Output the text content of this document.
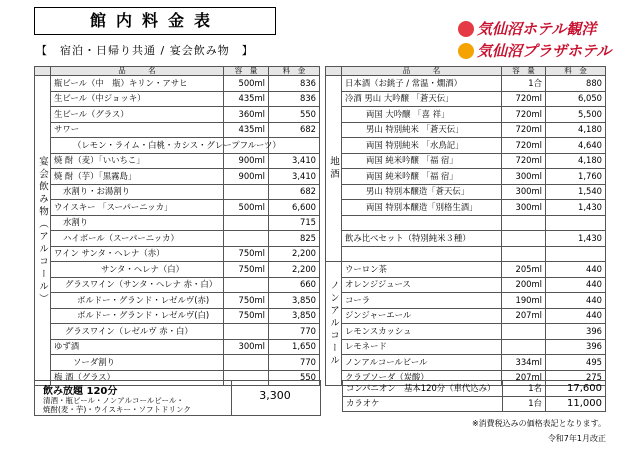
館内料金表
【　宿泊・日帰り共通 / 宴会飲み物　】
気仙沼ホテル観洋
気仙沼プラザホテル
	品　　　名	容　量	料　金
宴会飲み物（アルコール）	瓶ビール（中　瓶）キリン・アサヒ	500ml	836
	生ビール（中ジョッキ）	435ml	836
	生ビール（グラス）	360ml	550
	サワー	435ml	682
	（レモン・ライム・白桃・カシス・グレープフルーツ）		
	焼 酎（麦）「いいちこ」	900ml	3,410
	焼 酎（芋）「黒霧島」	900ml	3,410
	水割り・お湯割り		682
	ウイスキー 「スーパーニッカ」	500ml	6,600
	水割り		715
	ハイボール（スーパーニッカ）		825
	ワイン サンタ・ヘレナ（赤）	750ml	2,200
	サンタ・ヘレナ（白）	750ml	2,200
	グラスワイン（サンタ・ヘレナ 赤・白）		660
	ボルドー・グランド・レゼルヴ(赤)	750ml	3,850
	ボルドー・グランド・レゼルヴ(白)	750ml	3,850
	グラスワイン（レゼルヴ 赤・白）		770
	ゆず酒	300ml	1,650
	ソーダ割り		770
	梅 酒（グラス）		550
	品　　　名	容　量	料　金
地酒	日本酒（お銚子 / 常温・燗酒）	1合	880
	冷酒 男山 大吟醸 「蒼天伝」	720ml	6,050
	両国 大吟醸 「喜 祥」	720ml	5,500
	男山 特別純米 「蒼天伝」	720ml	4,180
	両国 特別純米 「水鳥記」	720ml	4,640
	両国 純米吟醸 「福 宿」	720ml	4,180
	両国 純米吟醸 「福 宿」	300ml	1,760
	男山 特別本醸造「蒼天伝」	300ml	1,540
	両国 特別本醸造「別格生酒」	300ml	1,430

	飲み比べセット（特別純米３種）		1,430

ノンアルコール	ウーロン茶	205ml	440
	オレンジジュース	200ml	440
	コーラ	190ml	440
	ジンジャーエール	207ml	440
	レモンスカッシュ		396
	レモネード		396
	ノンアルコールビール	334ml	495
	クラブソーダ（炭酸）	207ml	275
飲み放題 120分
清酒・瓶ビール・ノンアルコールビール・
焼酎(麦・芋)・ウイスキー・ソフトドリンク
3,300
コンパニオン　基本120分（車代込み）	1名	17,600
カラオケ	1台	11,000
※消費税込みの価格表記となります。
令和7年1月改正
